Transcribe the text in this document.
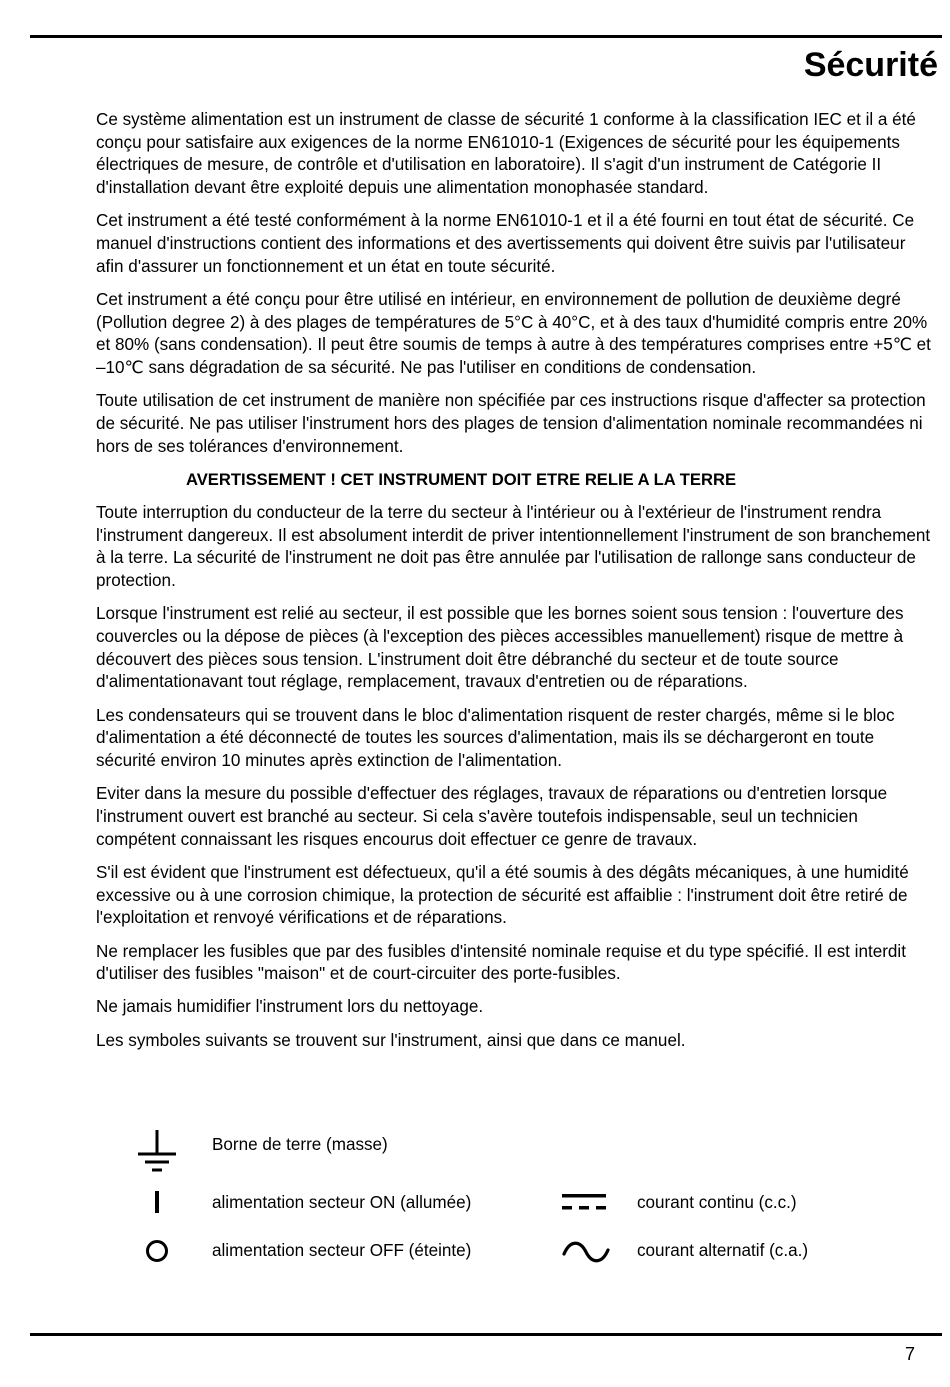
Sécurité

Ce système alimentation est un instrument de classe de sécurité 1 conforme à la classification IEC et il a été conçu pour satisfaire aux exigences de la norme EN61010-1 (Exigences de sécurité pour les équipements électriques de mesure, de contrôle et d'utilisation en laboratoire). Il s'agit d'un instrument de Catégorie II d'installation devant être exploité depuis une alimentation monophasée standard.

Cet instrument a été testé conformément à la norme EN61010-1 et il a été fourni en tout état de sécurité. Ce manuel d'instructions contient des informations et des avertissements qui doivent être suivis par l'utilisateur afin d'assurer un fonctionnement et un état en toute sécurité.

Cet instrument a été conçu pour être utilisé en intérieur, en environnement de pollution de deuxième degré (Pollution degree 2) à des plages de températures de 5°C à 40°C, et à des taux d'humidité compris entre 20% et 80% (sans condensation). Il peut être soumis de temps à autre à des températures comprises entre +5℃ et –10℃ sans dégradation de sa sécurité. Ne pas l'utiliser en conditions de condensation.

Toute utilisation de cet instrument de manière non spécifiée par ces instructions risque d'affecter sa protection de sécurité. Ne pas utiliser l'instrument hors des plages de tension d'alimentation nominale recommandées ni hors de ses tolérances d'environnement.

AVERTISSEMENT ! CET INSTRUMENT DOIT ETRE RELIE A LA TERRE

Toute interruption du conducteur de la terre du secteur à l'intérieur ou à l'extérieur de l'instrument rendra l'instrument dangereux. Il est absolument interdit de priver intentionnellement l'instrument de son branchement à la terre. La sécurité de l'instrument ne doit pas être annulée par l'utilisation de rallonge sans conducteur de protection.

Lorsque l'instrument est relié au secteur, il est possible que les bornes soient sous tension : l'ouverture des couvercles ou la dépose de pièces (à l'exception des pièces accessibles manuellement) risque de mettre à découvert des pièces sous tension. L'instrument doit être débranché du secteur et de toute source d'alimentationavant tout réglage, remplacement, travaux d'entretien ou de réparations.

Les condensateurs qui se trouvent dans le bloc d'alimentation risquent de rester chargés, même si le bloc d'alimentation a été déconnecté de toutes les sources d'alimentation, mais ils se déchargeront en toute sécurité environ 10 minutes après extinction de l'alimentation.

Eviter dans la mesure du possible d'effectuer des réglages, travaux de réparations ou d'entretien lorsque l'instrument ouvert est branché au secteur. Si cela s'avère toutefois indispensable, seul un technicien compétent connaissant les risques encourus doit effectuer ce genre de travaux.

S'il est évident que l'instrument est défectueux, qu'il a été soumis à des dégâts mécaniques, à une humidité excessive ou à une corrosion chimique, la protection de sécurité est affaiblie : l'instrument doit être retiré de l'exploitation et renvoyé vérifications et de réparations.

Ne remplacer les fusibles que par des fusibles d'intensité nominale requise et du type spécifié. Il est interdit d'utiliser des fusibles "maison" et de court-circuiter des porte-fusibles.

Ne jamais humidifier l'instrument lors du nettoyage.

Les symboles suivants se trouvent sur l'instrument, ainsi que dans ce manuel.

Borne de terre (masse)
alimentation secteur ON (allumée)	courant continu (c.c.)
alimentation secteur OFF (éteinte)	courant alternatif (c.a.)
7
